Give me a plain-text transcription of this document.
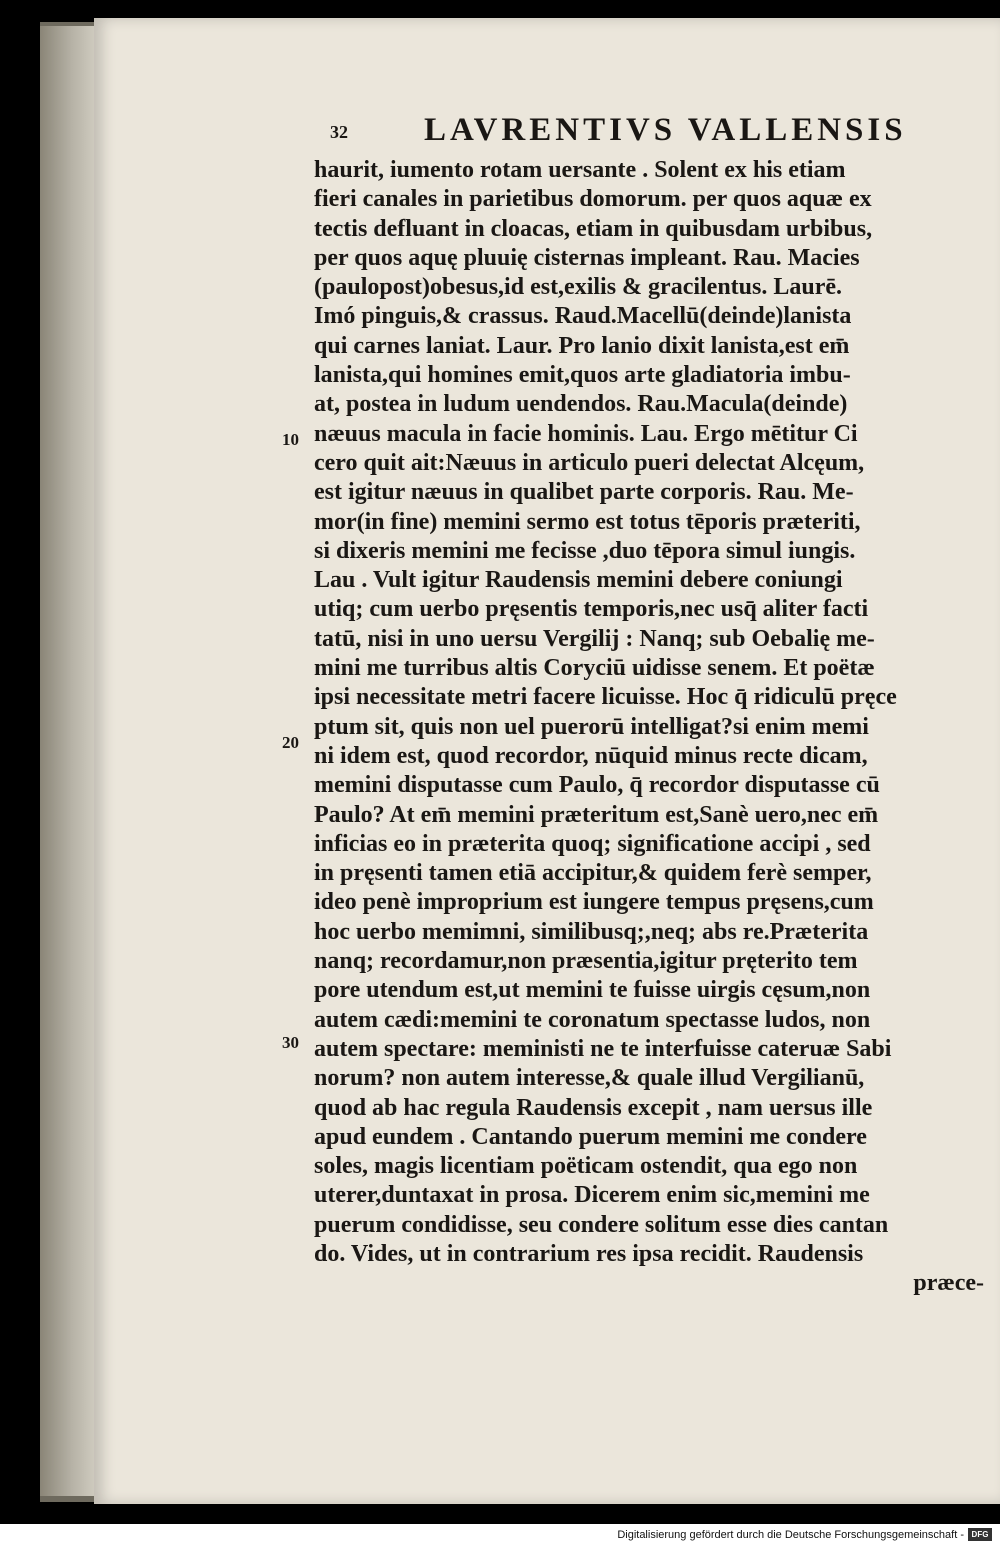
32 LAVRENTIVS VALLENSIS
10
20
30
haurit, iumento rotam uersante . Solent ex his etiam
fieri canales in parietibus domorum. per quos aquæ ex
tectis defluant in cloacas, etiam in quibusdam urbibus,
per quos aquę pluuię cisternas impleant. Rau. Macies
(paulopost)obesus,id est,exilis & gracilentus. Laurē.
Imó pinguis,& crassus. Raud.Macellū(deinde)lanista
qui carnes laniat. Laur. Pro lanio dixit lanista,est em̄
lanista,qui homines emit,quos arte gladiatoria imbu-
at, postea in ludum uendendos. Rau.Macula(deinde)
næuus macula in facie hominis. Lau. Ergo mētitur Ci
cero quit ait:Næuus in articulo pueri delectat Alcęum,
est igitur næuus in qualibet parte corporis. Rau. Me-
mor(in fine) memini sermo est totus tēporis præteriti,
si dixeris memini me fecisse ,duo tēpora simul iungis.
Lau . Vult igitur Raudensis memini debere coniungi
utiq; cum uerbo pręsentis temporis,nec usq̄ aliter facti
tatū, nisi in uno uersu Vergilij : Nanq; sub Oebalię me-
mini me turribus altis Coryciū uidisse senem. Et poëtæ
ipsi necessitate metri facere licuisse. Hoc q̄ ridiculū pręce
ptum sit, quis non uel puerorū intelligat?si enim memi
ni idem est, quod recordor, nūquid minus recte dicam,
memini disputasse cum Paulo, q̄ recordor disputasse cū
Paulo? At em̄ memini præteritum est,Sanè uero,nec em̄
inficias eo in præterita quoq; significatione accipi , sed
in pręsenti tamen etiā accipitur,& quidem ferè semper,
ideo penè improprium est iungere tempus pręsens,cum
hoc uerbo memimni, similibusq;,neq; abs re.Præterita
nanq; recordamur,non præsentia,igitur pręterito tem
pore utendum est,ut memini te fuisse uirgis cęsum,non
autem cædi:memini te coronatum spectasse ludos, non
autem spectare: meministi ne te interfuisse cateruæ Sabi
norum? non autem interesse,& quale illud Vergilianū,
quod ab hac regula Raudensis excepit , nam uersus ille
apud eundem . Cantando puerum memini me condere
soles, magis licentiam poëticam ostendit, qua ego non
uterer,duntaxat in prosa. Dicerem enim sic,memini me
puerum condidisse, seu condere solitum esse dies cantan
do. Vides, ut in contrarium res ipsa recidit. Raudensis
præce-
Digitalisierung gefördert durch die Deutsche Forschungsgemeinschaft - DFG
